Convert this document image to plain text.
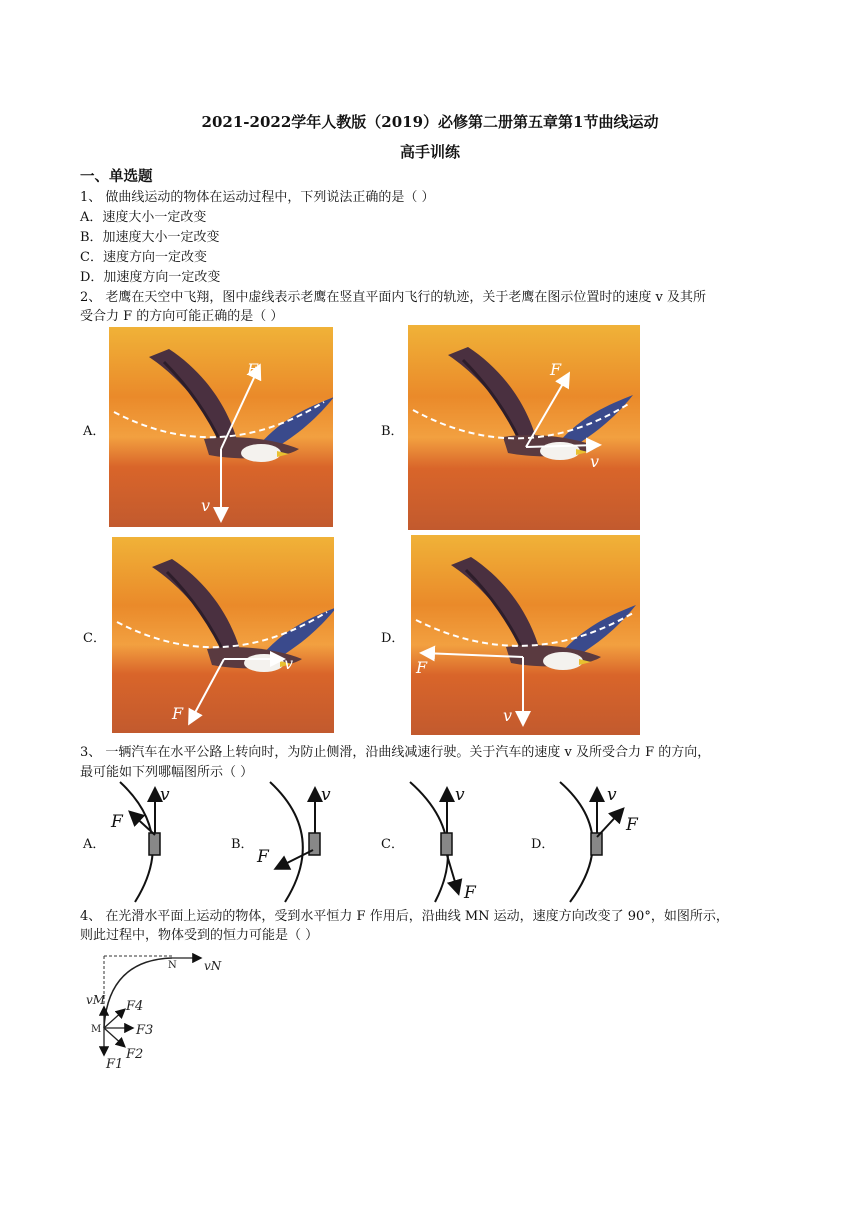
2021-2022学年人教版（2019）必修第二册第五章第1节曲线运动
高手训练
一、单选题
1、 做曲线运动的物体在运动过程中，下列说法正确的是（ ）
A．速度大小一定改变
B．加速度大小一定改变
C．速度方向一定改变
D．加速度方向一定改变
2、 老鹰在天空中飞翔，图中虚线表示老鹰在竖直平面内飞行的轨迹，关于老鹰在图示位置时的速度 v 及其所
受合力 F 的方向可能正确的是（ ）
A．
F
v
B．
F
v
C．
F
v
D．
F
v
3、 一辆汽车在水平公路上转向时，为防止侧滑，沿曲线减速行驶。关于汽车的速度 v 及所受合力 F 的方向，
最可能如下列哪幅图所示（ ）
A．
F
v
B．
F
v
C．
F
v
D．
F
v
4、 在光滑水平面上运动的物体，受到水平恒力 F 作用后，沿曲线 MN 运动，速度方向改变了 90°，如图所示，
则此过程中，物体受到的恒力可能是（ ）
N vN
vM
M
F1
F2
F3
F4
